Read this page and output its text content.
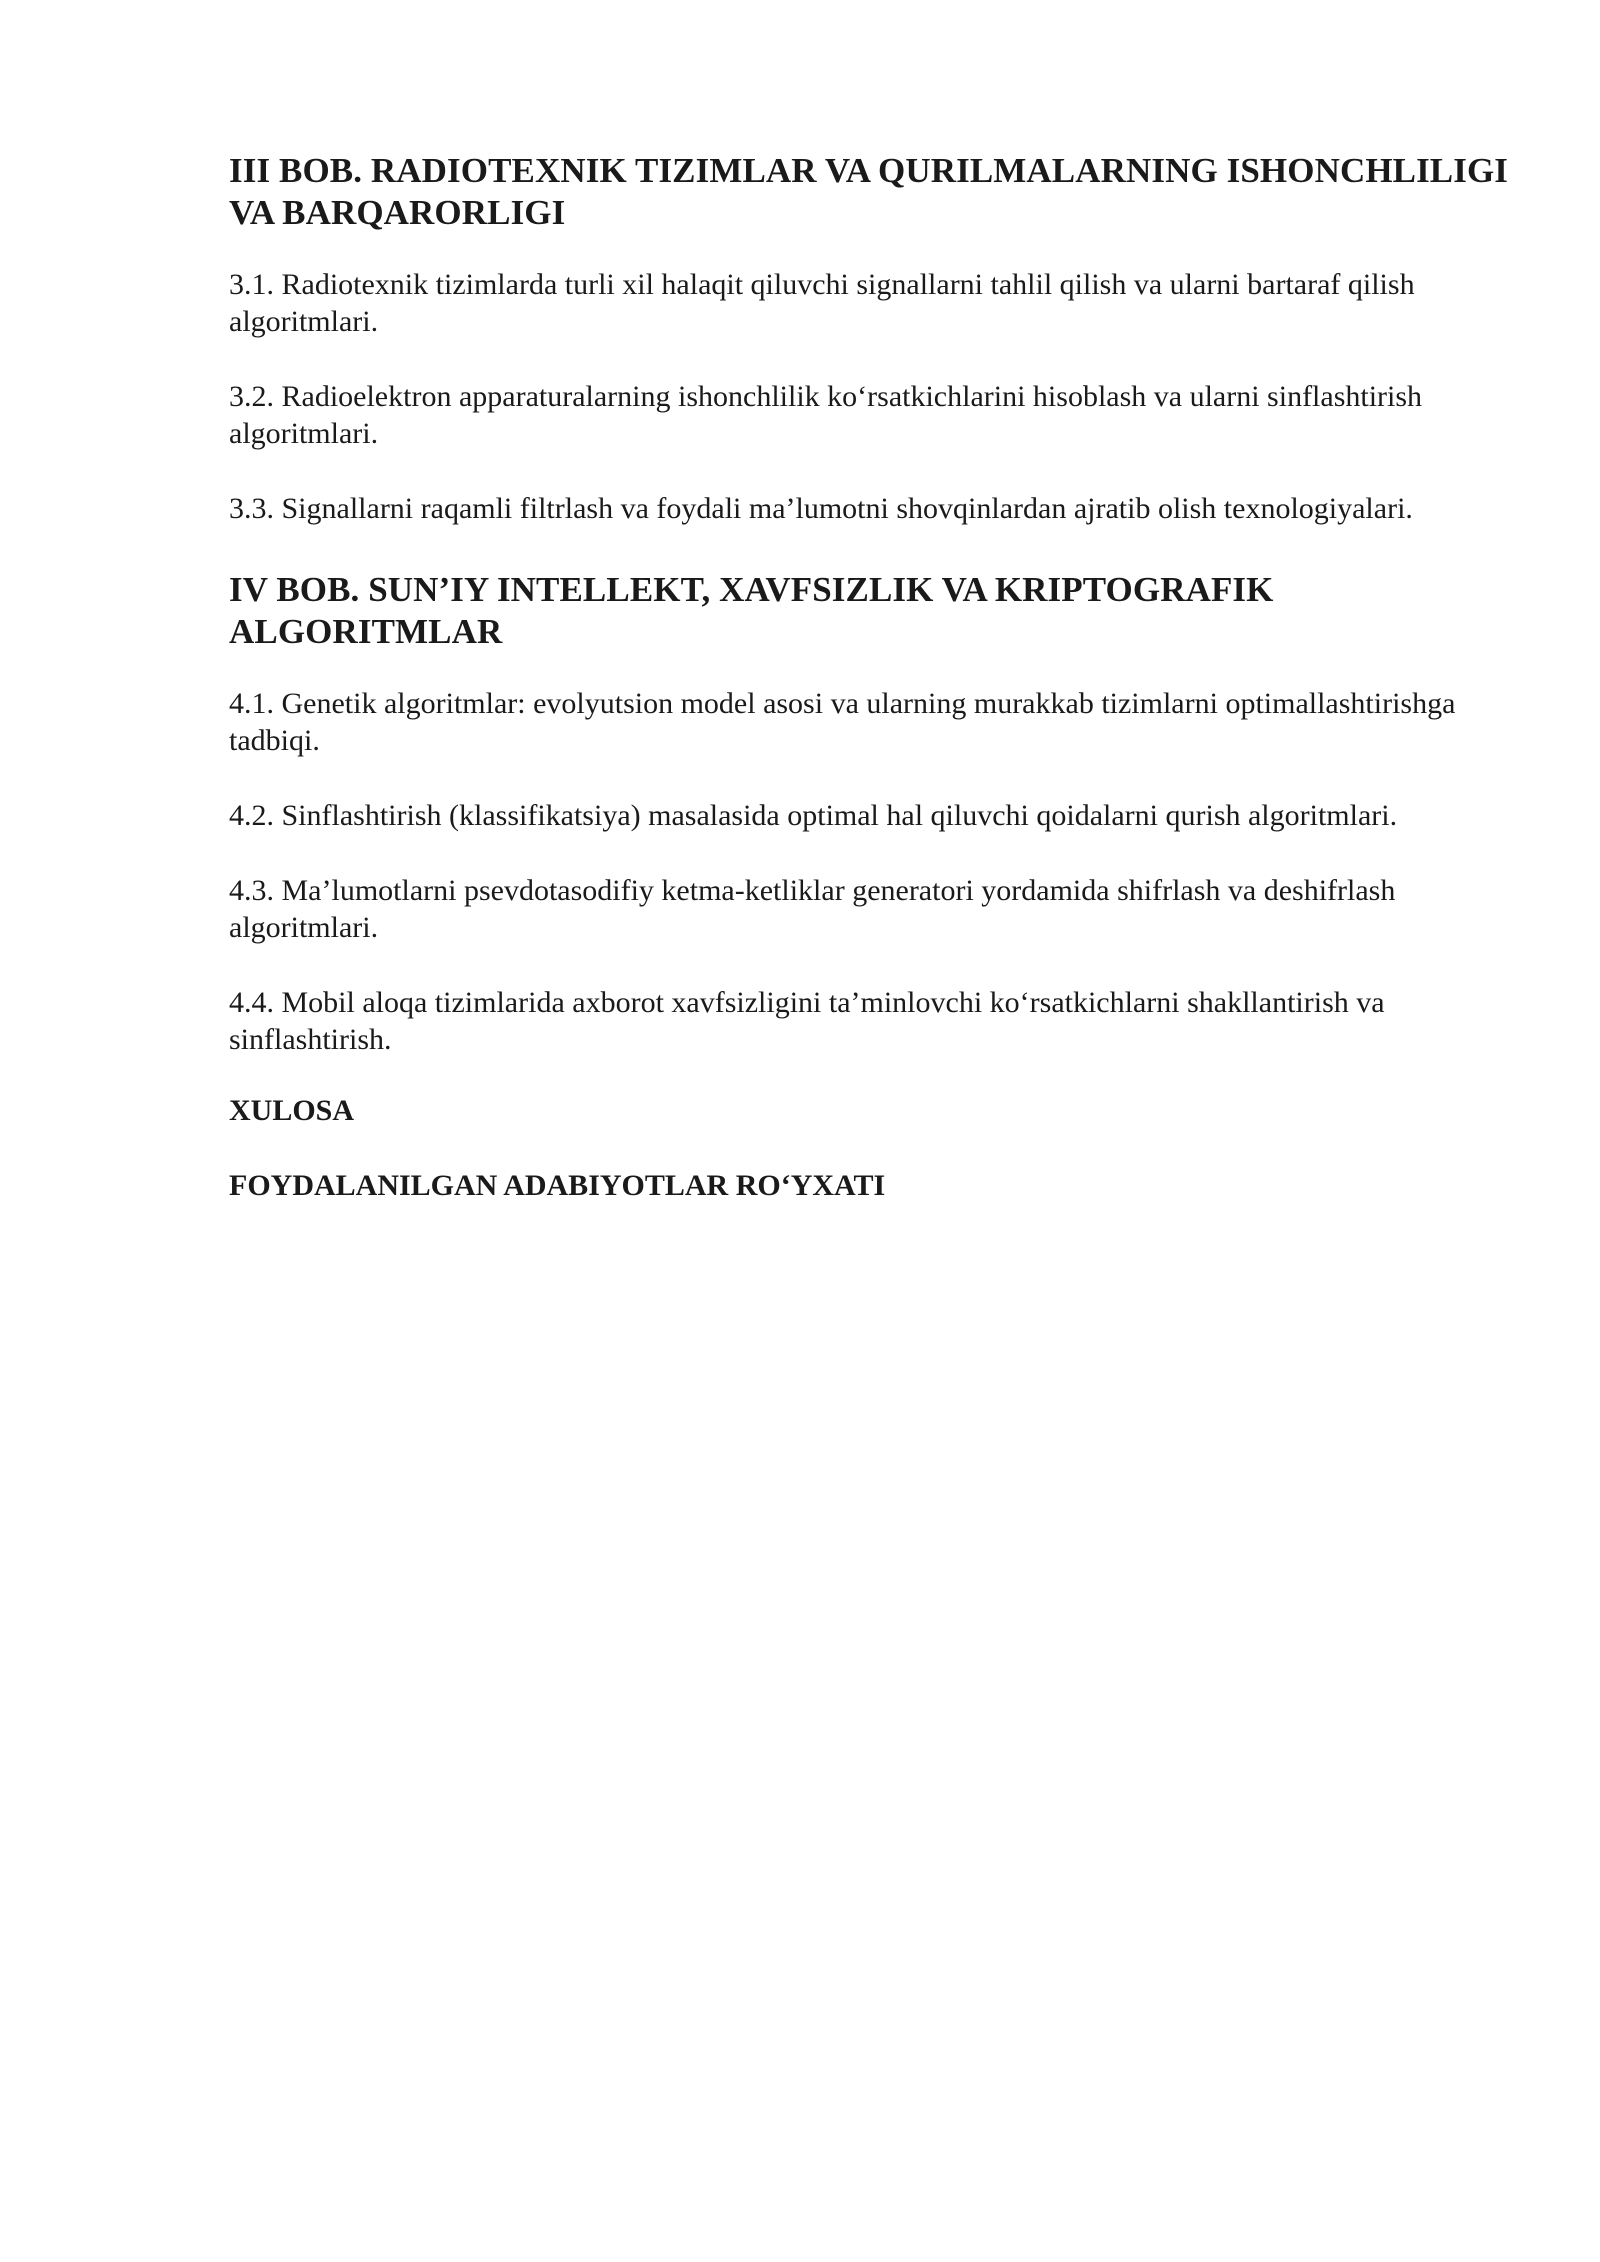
III BOB. RADIOTEXNIK TIZIMLAR VA QURILMALARNING ISHONCHLILIGI VA BARQARORLIGI

3.1. Radiotexnik tizimlarda turli xil halaqit qiluvchi signallarni tahlil qilish va ularni bartaraf qilish algoritmlari.

3.2. Radioelektron apparaturalarning ishonchlilik ko‘rsatkichlarini hisoblash va ularni sinflashtirish algoritmlari.

3.3. Signallarni raqamli filtrlash va foydali ma’lumotni shovqinlardan ajratib olish texnologiyalari.

IV BOB. SUN’IY INTELLEKT, XAVFSIZLIK VA KRIPTOGRAFIK ALGORITMLAR

4.1. Genetik algoritmlar: evolyutsion model asosi va ularning murakkab tizimlarni optimallashtirishga tadbiqi.

4.2. Sinflashtirish (klassifikatsiya) masalasida optimal hal qiluvchi qoidalarni qurish algoritmlari.

4.3. Ma’lumotlarni psevdotasodifiy ketma-ketliklar generatori yordamida shifrlash va deshifrlash algoritmlari.

4.4. Mobil aloqa tizimlarida axborot xavfsizligini ta’minlovchi ko‘rsatkichlarni shakllantirish va sinflashtirish.

XULOSA

FOYDALANILGAN ADABIYOTLAR RO‘YXATI
